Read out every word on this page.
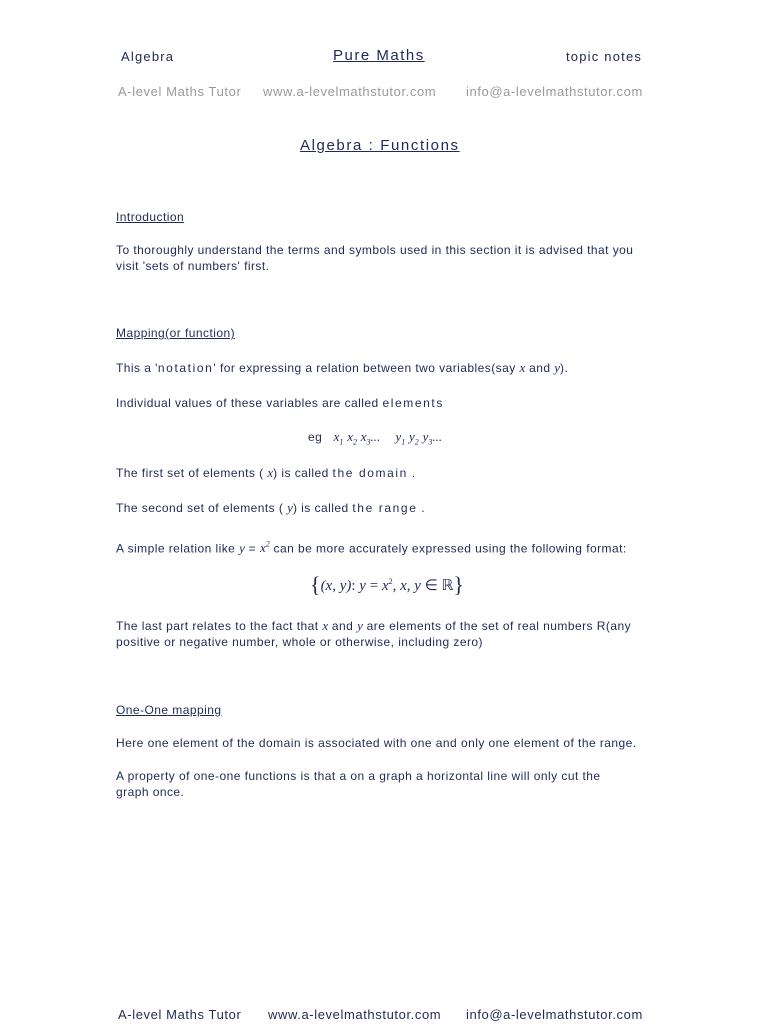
Algebra	Pure Maths	topic notes
A-level Maths Tutor www.a-levelmathstutor.com info@a-levelmathstutor.com
Algebra : Functions
Introduction
To thoroughly understand the terms and symbols used in this section it is advised that you
visit 'sets of numbers' first.
Mapping(or function)
This a 'notation' for expressing a relation between two variables(say x and y).
Individual values of these variables are called elements
eg $x_1$ $x_2$ $x_3$... $y_1$ $y_2$ $y_3$...
The first set of elements ( x) is called the domain .
The second set of elements ( y) is called the range .
A simple relation like $y = x^2$ can be more accurately expressed using the following format:
{(x, y): $y = x^2$, x, y ∈ ℝ}
The last part relates to the fact that x and y are elements of the set of real numbers R(any
positive or negative number, whole or otherwise, including zero)
One-One mapping
Here one element of the domain is associated with one and only one element of the range.
A property of one-one functions is that a on a graph a horizontal line will only cut the
graph once.
A-level Maths Tutor www.a-levelmathstutor.com info@a-levelmathstutor.com
